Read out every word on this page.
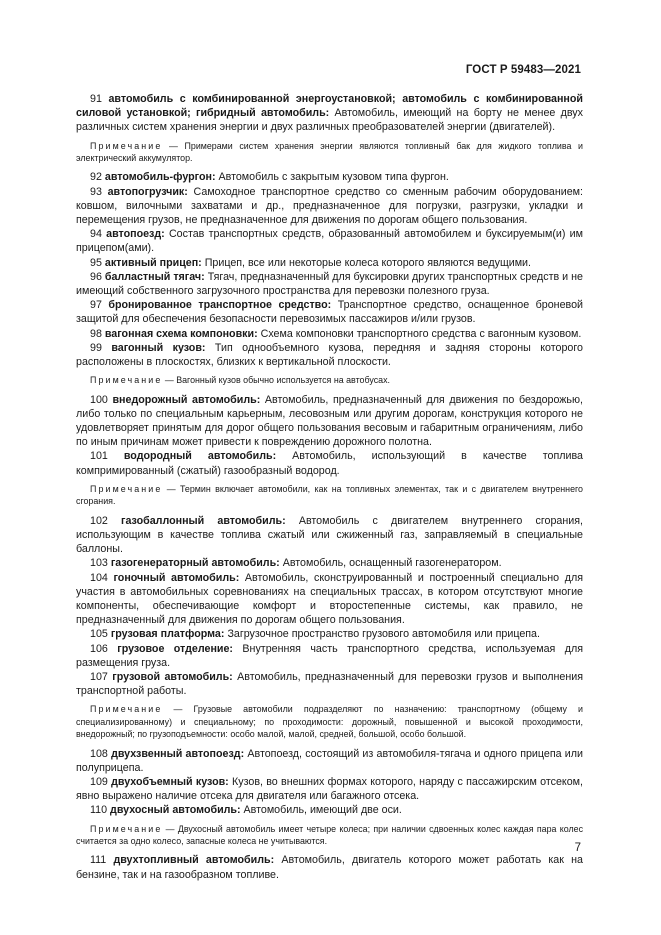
ГОСТ Р 59483—2021

91 автомобиль с комбинированной энергоустановкой; автомобиль с комбинированной силовой установкой; гибридный автомобиль: Автомобиль, имеющий на борту не менее двух различных систем хранения энергии и двух различных преобразователей энергии (двигателей).

Примечание — Примерами систем хранения энергии являются топливный бак для жидкого топлива и электрический аккумулятор.

92 автомобиль-фургон: Автомобиль с закрытым кузовом типа фургон.

93 автопогрузчик: Самоходное транспортное средство со сменным рабочим оборудованием: ковшом, вилочными захватами и др., предназначенное для погрузки, разгрузки, укладки и перемещения грузов, не предназначенное для движения по дорогам общего пользования.

94 автопоезд: Состав транспортных средств, образованный автомобилем и буксируемым(и) им прицепом(ами).

95 активный прицеп: Прицеп, все или некоторые колеса которого являются ведущими.

96 балластный тягач: Тягач, предназначенный для буксировки других транспортных средств и не имеющий собственного загрузочного пространства для перевозки полезного груза.

97 бронированное транспортное средство: Транспортное средство, оснащенное броневой защитой для обеспечения безопасности перевозимых пассажиров и/или грузов.

98 вагонная схема компоновки: Схема компоновки транспортного средства с вагонным кузовом.

99 вагонный кузов: Тип однообъемного кузова, передняя и задняя стороны которого расположены в плоскостях, близких к вертикальной плоскости.

Примечание — Вагонный кузов обычно используется на автобусах.

100 внедорожный автомобиль: Автомобиль, предназначенный для движения по бездорожью, либо только по специальным карьерным, лесовозным или другим дорогам, конструкция которого не удовлетворяет принятым для дорог общего пользования весовым и габаритным ограничениям, либо по иным причинам может привести к повреждению дорожного полотна.

101 водородный автомобиль: Автомобиль, использующий в качестве топлива компримированный (сжатый) газообразный водород.

Примечание — Термин включает автомобили, как на топливных элементах, так и с двигателем внутреннего сгорания.

102 газобаллонный автомобиль: Автомобиль с двигателем внутреннего сгорания, использующим в качестве топлива сжатый или сжиженный газ, заправляемый в специальные баллоны.

103 газогенераторный автомобиль: Автомобиль, оснащенный газогенератором.

104 гоночный автомобиль: Автомобиль, сконструированный и построенный специально для участия в автомобильных соревнованиях на специальных трассах, в котором отсутствуют многие компоненты, обеспечивающие комфорт и второстепенные системы, как правило, не предназначенный для движения по дорогам общего пользования.

105 грузовая платформа: Загрузочное пространство грузового автомобиля или прицепа.

106 грузовое отделение: Внутренняя часть транспортного средства, используемая для размещения груза.

107 грузовой автомобиль: Автомобиль, предназначенный для перевозки грузов и выполнения транспортной работы.

Примечание — Грузовые автомобили подразделяют по назначению: транспортному (общему и специализированному) и специальному; по проходимости: дорожный, повышенной и высокой проходимости, внедорожный; по грузоподъемности: особо малой, малой, средней, большой, особо большой.

108 двухзвенный автопоезд: Автопоезд, состоящий из автомобиля-тягача и одного прицепа или полуприцепа.

109 двухобъемный кузов: Кузов, во внешних формах которого, наряду с пассажирским отсеком, явно выражено наличие отсека для двигателя или багажного отсека.

110 двухосный автомобиль: Автомобиль, имеющий две оси.

Примечание — Двухосный автомобиль имеет четыре колеса; при наличии сдвоенных колес каждая пара колес считается за одно колесо, запасные колеса не учитываются.

111 двухтопливный автомобиль: Автомобиль, двигатель которого может работать как на бензине, так и на газообразном топливе.

7
